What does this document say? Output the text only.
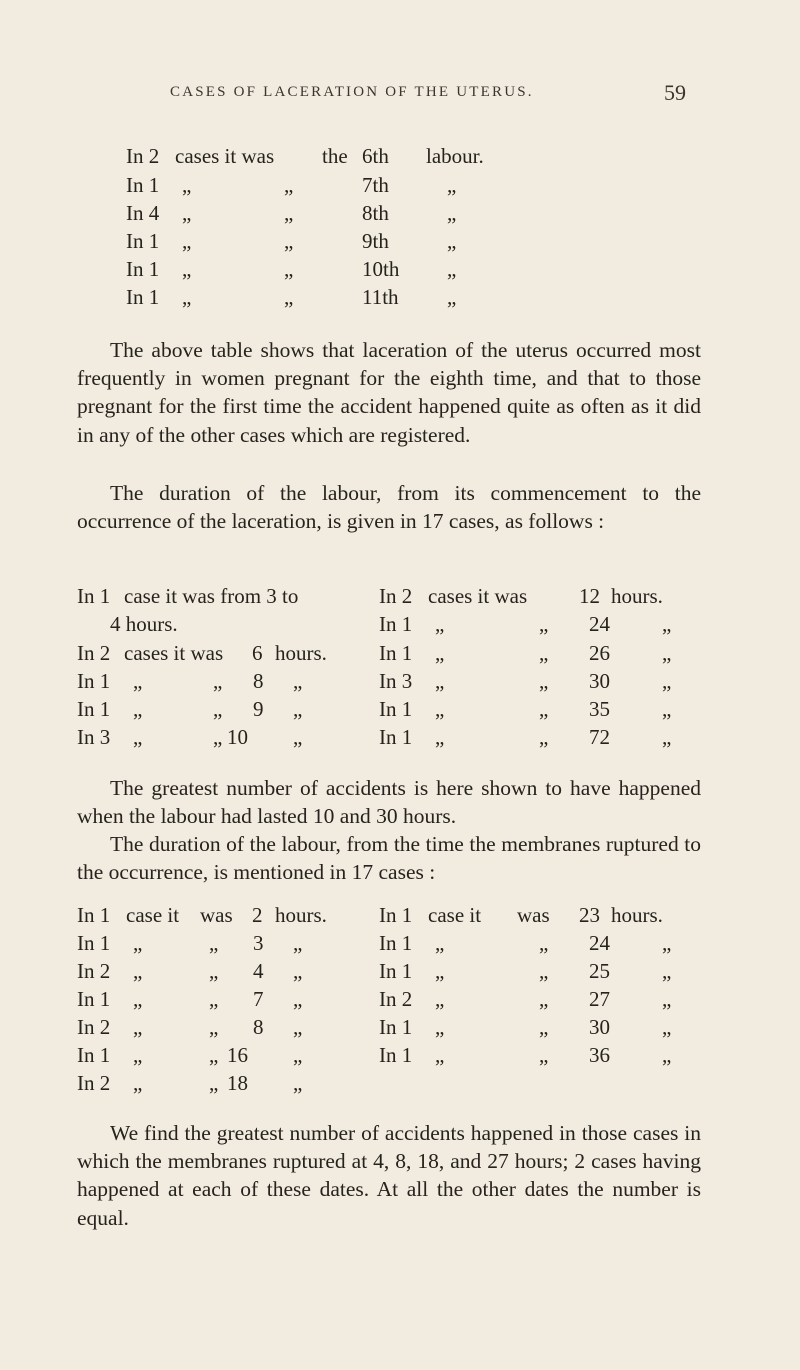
CASES OF LACERATION OF THE UTERUS.	59
In 2 cases it was the 6th labour.
In 1 „	„	7th	„
In 4 „	„	8th	„
In 1 „	„	9th	„
In 1 „	„	10th „
In 1 „	„	11th „

The above table shows that laceration of the uterus occurred most frequently in women pregnant for the eighth time, and that to those pregnant for the first time the accident happened quite as often as it did in any of the other cases which are registered.

The duration of the labour, from its commencement to the occurrence of the laceration, is given in 17 cases, as follows :

In 1 case it was from 3 to
4 hours.
In 2 cases it was 6 hours.
In 1 „	„ 8 „
In 1 „	„ 9 „
In 3 „	„ 10 „
In 2 cases it was 12 hours.
In 1 „	„ 24 „
In 1 „	„ 26 „
In 3 „	„ 30 „
In 1 „	„ 35 „
In 1 „	„ 72 „

The greatest number of accidents is here shown to have happened when the labour had lasted 10 and 30 hours.

The duration of the labour, from the time the membranes ruptured to the occurrence, is mentioned in 17 cases :

In 1 case it was 2 hours.
In 1 „	„ 3 „
In 2 „	„ 4 „
In 1 „	„ 7 „
In 2 „	„ 8 „
In 1 „	„ 16 „
In 2 „	„ 18 „
In 1 case it was 23 hours.
In 1 „	„ 24 „
In 1 „	„ 25 „
In 2 „	„ 27 „
In 1 „	„ 30 „
In 1 „	„ 36 „

We find the greatest number of accidents happened in those cases in which the membranes ruptured at 4, 8, 18, and 27 hours; 2 cases having happened at each of these dates. At all the other dates the number is equal.
